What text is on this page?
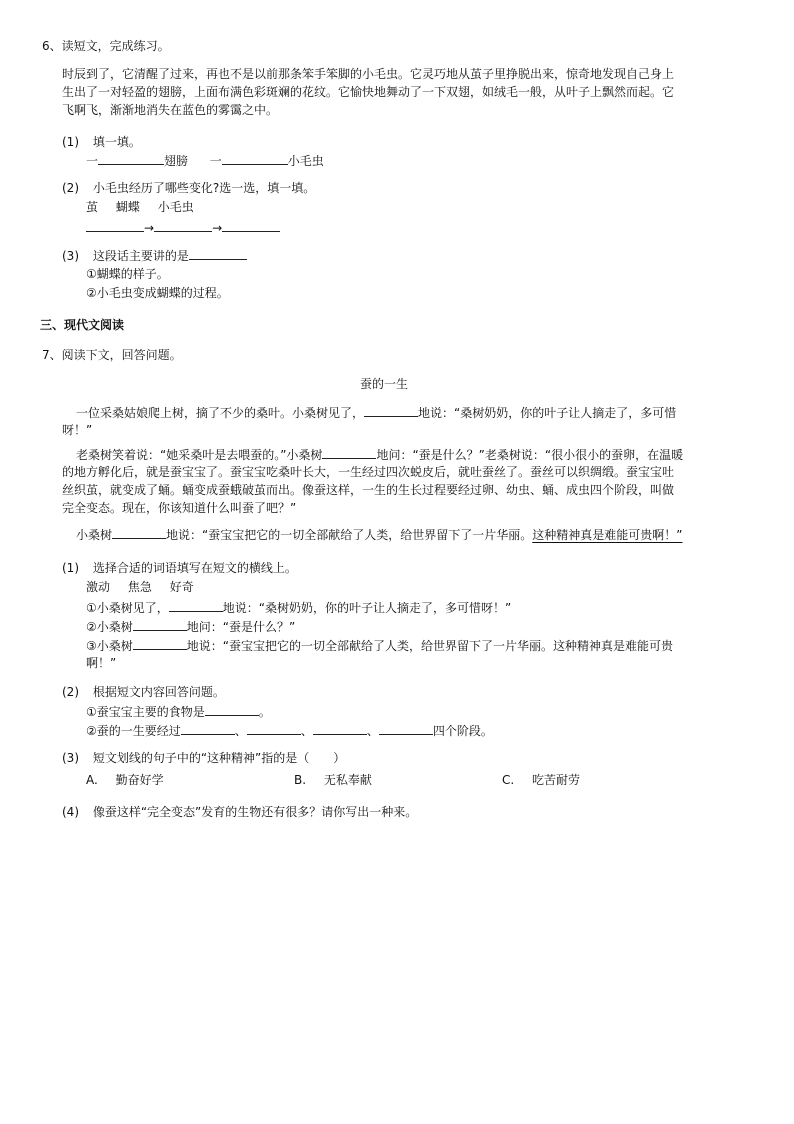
6、读短文，完成练习。
时辰到了，它清醒了过来，再也不是以前那条笨手笨脚的小毛虫。它灵巧地从茧子里挣脱出来，惊奇地发现自己身上
生出了一对轻盈的翅膀，上面布满色彩斑斓的花纹。它愉快地舞动了一下双翅，如绒毛一般，从叶子上飘然而起。它
飞啊飞，渐渐地消失在蓝色的雾霭之中。
(1) 填一填。
一	翅膀 一	小毛虫
(2) 小毛虫经历了哪些变化?选一选，填一填。
茧 蝴蝶 小毛虫
→	→
(3) 这段话主要讲的是
①蝴蝶的样子。
②小毛虫变成蝴蝶的过程。
三、现代文阅读
7、阅读下文，回答问题。
蚕的一生
一位采桑姑娘爬上树，摘了不少的桑叶。小桑树见了，	地说：“桑树奶奶，你的叶子让人摘走了，多可惜
呀！”
老桑树笑着说：“她采桑叶是去喂蚕的。”小桑树	地问：“蚕是什么？”老桑树说：“很小很小的蚕卵，在温暖
的地方孵化后，就是蚕宝宝了。蚕宝宝吃桑叶长大，一生经过四次蜕皮后，就吐蚕丝了。蚕丝可以织绸缎。蚕宝宝吐
丝织茧，就变成了蛹。蛹变成蚕蛾破茧而出。像蚕这样，一生的生长过程要经过卵、幼虫、蛹、成虫四个阶段，叫做
完全变态。现在，你该知道什么叫蚕了吧？”
小桑树	地说：“蚕宝宝把它的一切全部献给了人类，给世界留下了一片华丽。这种精神真是难能可贵啊！”
(1) 选择合适的词语填写在短文的横线上。
激动 焦急 好奇
①小桑树见了，	地说：“桑树奶奶，你的叶子让人摘走了，多可惜呀！”
②小桑树	地问：“蚕是什么？”
③小桑树	地说：“蚕宝宝把它的一切全部献给了人类，给世界留下了一片华丽。这种精神真是难能可贵
啊！”
(2) 根据短文内容回答问题。
①蚕宝宝主要的食物是	。
②蚕的一生要经过	、	、	、	四个阶段。
(3) 短文划线的句子中的“这种精神”指的是（　　）
A. 勤奋好学	B. 无私奉献	C. 吃苦耐劳
(4) 像蚕这样“完全变态”发育的生物还有很多？请你写出一种来。
